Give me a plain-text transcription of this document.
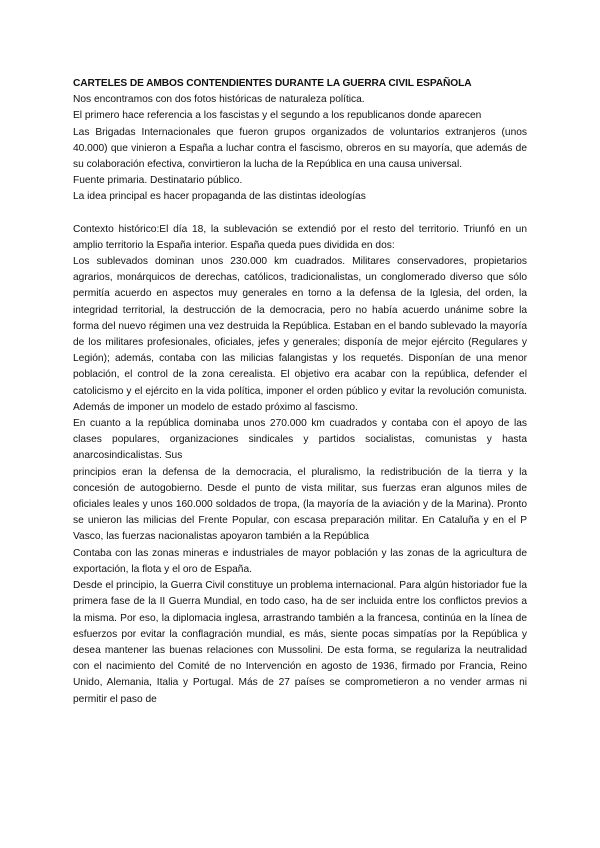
CARTELES DE AMBOS CONTENDIENTES DURANTE LA GUERRA CIVIL ESPAÑOLA

Nos encontramos con dos fotos históricas de naturaleza política.

El primero hace referencia a los fascistas y el segundo a los republicanos donde aparecen

Las Brigadas Internacionales que fueron grupos organizados de voluntarios extranjeros (unos 40.000) que vinieron a España a luchar contra el fascismo, obreros en su mayoría, que además de su colaboración efectiva, convirtieron la lucha de la República en una causa universal.

Fuente primaria. Destinatario público.

La idea principal es hacer propaganda de las distintas ideologías

Contexto histórico:El día 18, la sublevación se extendió por el resto del territorio. Triunfó en un amplio territorio la España interior. España queda pues dividida en dos:

Los sublevados dominan unos 230.000 km cuadrados. Militares conservadores, propietarios agrarios, monárquicos de derechas, católicos, tradicionalistas, un conglomerado diverso que sólo permitía acuerdo en aspectos muy generales en torno a la defensa de la Iglesia, del orden, la integridad territorial, la destrucción de la democracia, pero no había acuerdo unánime sobre la forma del nuevo régimen una vez destruida la República. Estaban en el bando sublevado la mayoría de los militares profesionales, oficiales, jefes y generales; disponía de mejor ejército (Regulares y Legión); además, contaba con las milicias falangistas y los requetés. Disponían de una menor población, el control de la zona cerealista. El objetivo era acabar con la república, defender el catolicismo y el ejército en la vida política, imponer el orden público y evitar la revolución comunista. Además de imponer un modelo de estado próximo al fascismo.

En cuanto a la república dominaba unos 270.000 km cuadrados y contaba con el apoyo de las clases populares, organizaciones sindicales y partidos socialistas, comunistas y hasta anarcosindicalistas. Sus

principios eran la defensa de la democracia, el pluralismo, la redistribución de la tierra y la concesión de autogobierno. Desde el punto de vista militar, sus fuerzas eran algunos miles de oficiales leales y unos 160.000 soldados de tropa, (la mayoría de la aviación y de la Marina). Pronto se unieron las milicias del Frente Popular, con escasa preparación militar. En Cataluña y en el P Vasco, las fuerzas nacionalistas apoyaron también a la República

Contaba con las zonas mineras e industriales de mayor población y las zonas de la agricultura de exportación, la flota y el oro de España.

Desde el principio, la Guerra Civil constituye un problema internacional. Para algún historiador fue la primera fase de la II Guerra Mundial, en todo caso, ha de ser incluida entre los conflictos previos a la misma. Por eso, la diplomacia inglesa, arrastrando también a la francesa, continúa en la línea de esfuerzos por evitar la conflagración mundial, es más, siente pocas simpatías por la República y desea mantener las buenas relaciones con Mussolini. De esta forma, se regulariza la neutralidad con el nacimiento del Comité de no Intervención en agosto de 1936, firmado por Francia, Reino Unido, Alemania, Italia y Portugal. Más de 27 países se comprometieron a no vender armas ni permitir el paso de
